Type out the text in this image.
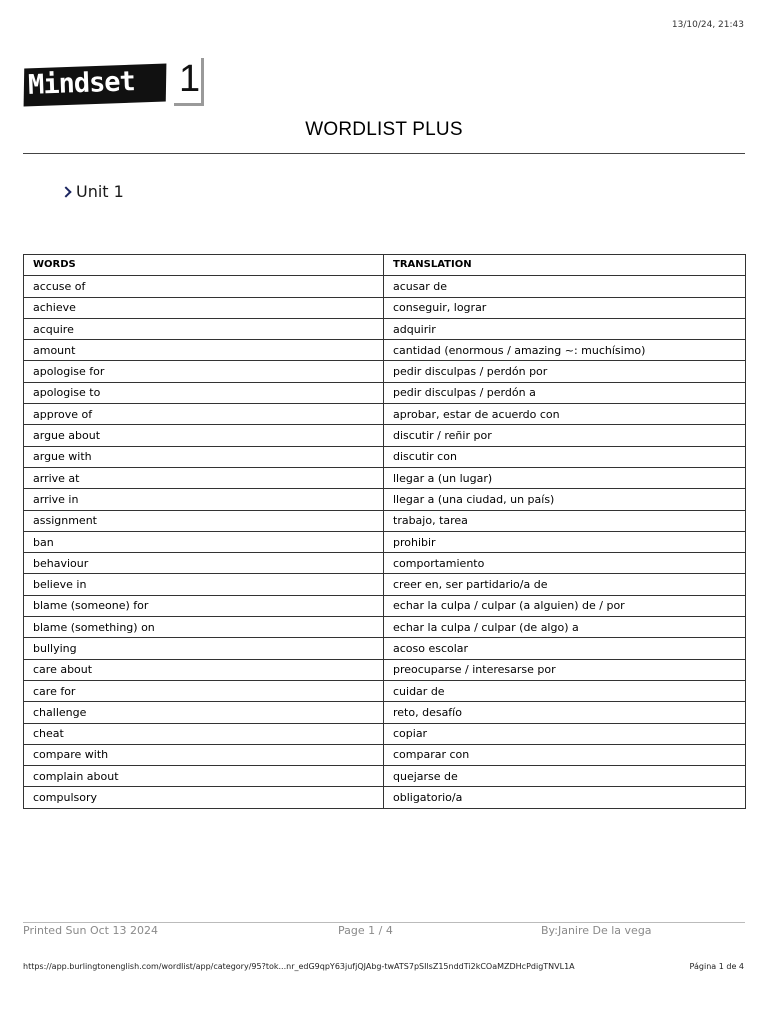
13/10/24, 21:43
Mindset 1
WORDLIST PLUS
Unit 1
WORDS	TRANSLATION
accuse of	acusar de
achieve	conseguir, lograr
acquire	adquirir
amount	cantidad (enormous / amazing ~: muchísimo)
apologise for	pedir disculpas / perdón por
apologise to	pedir disculpas / perdón a
approve of	aprobar, estar de acuerdo con
argue about	discutir / reñir por
argue with	discutir con
arrive at	llegar a (un lugar)
arrive in	llegar a (una ciudad, un país)
assignment	trabajo, tarea
ban	prohibir
behaviour	comportamiento
believe in	creer en, ser partidario/a de
blame (someone) for	echar la culpa / culpar (a alguien) de / por
blame (something) on	echar la culpa / culpar (de algo) a
bullying	acoso escolar
care about	preocuparse / interesarse por
care for	cuidar de
challenge	reto, desafío
cheat	copiar
compare with	comparar con
complain about	quejarse de
compulsory	obligatorio/a
Printed Sun Oct 13 2024	Page 1 / 4	By:Janire De la vega
https://app.burlingtonenglish.com/wordlist/app/category/95?tok...nr_edG9qpY63jufjQJAbg-twATS7pSIlsZ15nddTi2kCOaMZDHcPdigTNVL1A	Página 1 de 4
